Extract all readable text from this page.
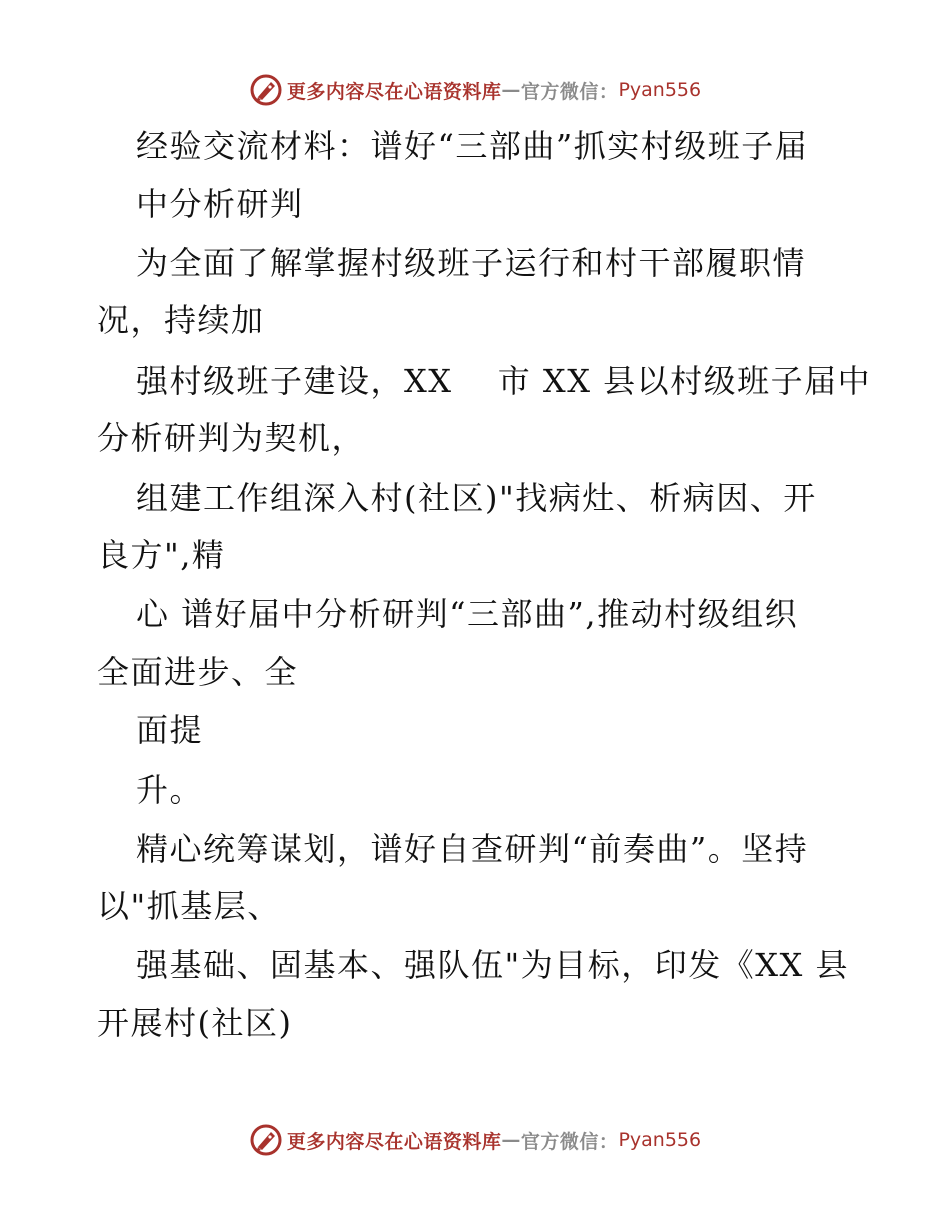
更多内容尽在心语资料库 — 官方微信： Pyan556
经验交流材料：谱好“三部曲”抓实村级班子届
中分析研判
为全面了解掌握村级班子运行和村干部履职情
况，持续加
强村级班子建设，XX　 市 XX 县以村级班子届中
分析研判为契机，
组建工作组深入村(社区)"找病灶、析病因、开
良方",精
心 谱好届中分析研判“三部曲”,推动村级组织
全面进步、全
面提
升。
精心统筹谋划，谱好自查研判“前奏曲”。坚持
以"抓基层、
强基础、固基本、强队伍"为目标，印发《XX 县
开展村(社区)
更多内容尽在心语资料库 — 官方微信： Pyan556
